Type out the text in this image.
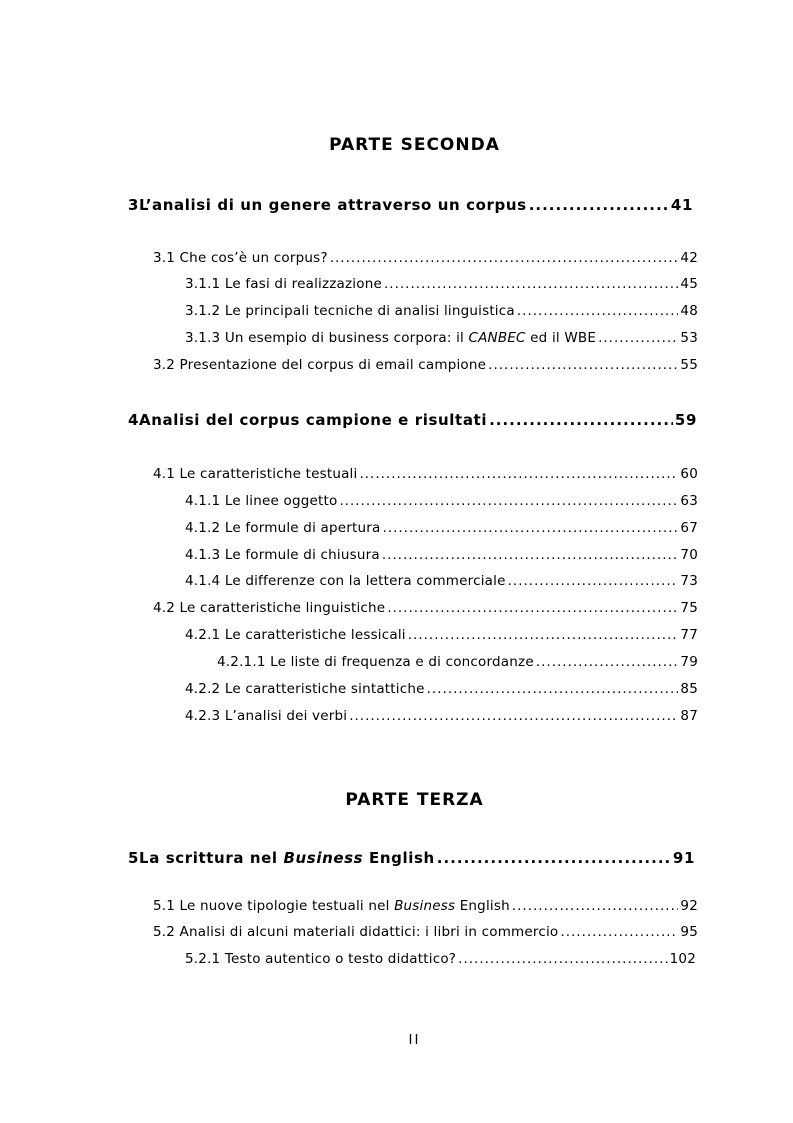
PARTE SECONDA
3 L’analisi di un genere attraverso un corpus .....	41
3.1 Che cos’è un corpus? .....	42
3.1.1 Le fasi di realizzazione .....	45
3.1.2 Le principali tecniche di analisi linguistica .....	48
3.1.3 Un esempio di business corpora: il CANBEC ed il WBE .....	53
3.2 Presentazione del corpus di email campione .....	55
4 Analisi del corpus campione e risultati .....	59
4.1 Le caratteristiche testuali .....	60
4.1.1 Le linee oggetto .....	63
4.1.2 Le formule di apertura .....	67
4.1.3 Le formule di chiusura .....	70
4.1.4 Le differenze con la lettera commerciale .....	73
4.2 Le caratteristiche linguistiche .....	75
4.2.1 Le caratteristiche lessicali .....	77
4.2.1.1 Le liste di frequenza e di concordanze .....	79
4.2.2 Le caratteristiche sintattiche .....	85
4.2.3 L’analisi dei verbi .....	87
PARTE TERZA
5 La scrittura nel Business English .....	91
5.1 Le nuove tipologie testuali nel Business English .....	92
5.2 Analisi di alcuni materiali didattici: i libri in commercio .....	95
5.2.1 Testo autentico o testo didattico? .....	102
II
